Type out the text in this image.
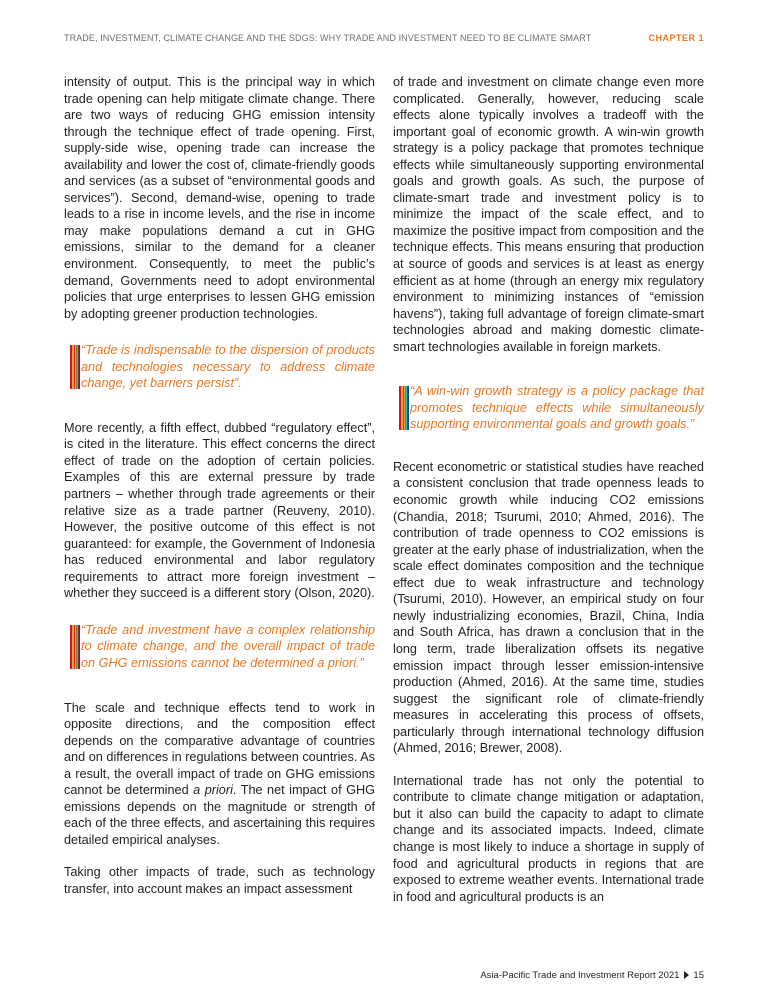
TRADE, INVESTMENT, CLIMATE CHANGE AND THE SDGS: WHY TRADE AND INVESTMENT NEED TO BE CLIMATE SMART	CHAPTER 1

intensity of output. This is the principal way in which trade opening can help mitigate climate change. There are two ways of reducing GHG emission intensity through the technique effect of trade opening. First, supply-side wise, opening trade can increase the availability and lower the cost of, climate-friendly goods and services (as a subset of “environmental goods and services”). Second, demand-wise, opening to trade leads to a rise in income levels, and the rise in income may make populations demand a cut in GHG emissions, similar to the demand for a cleaner environment. Consequently, to meet the public’s demand, Governments need to adopt environmental policies that urge enterprises to lessen GHG emission by adopting greener production technologies.

“Trade is indispensable to the dispersion of products and technologies necessary to address climate change, yet barriers persist”.

More recently, a fifth effect, dubbed “regulatory effect”, is cited in the literature. This effect concerns the direct effect of trade on the adoption of certain policies. Examples of this are external pressure by trade partners – whether through trade agreements or their relative size as a trade partner (Reuveny, 2010). However, the positive outcome of this effect is not guaranteed: for example, the Government of Indonesia has reduced environmental and labor regulatory requirements to attract more foreign investment – whether they succeed is a different story (Olson, 2020).

“Trade and investment have a complex relationship to climate change, and the overall impact of trade on GHG emissions cannot be determined a priori.”

The scale and technique effects tend to work in opposite directions, and the composition effect depends on the comparative advantage of countries and on differences in regulations between countries. As a result, the overall impact of trade on GHG emissions cannot be determined a priori. The net impact of GHG emissions depends on the magnitude or strength of each of the three effects, and ascertaining this requires detailed empirical analyses.

Taking other impacts of trade, such as technology transfer, into account makes an impact assessment

of trade and investment on climate change even more complicated. Generally, however, reducing scale effects alone typically involves a tradeoff with the important goal of economic growth. A win-win growth strategy is a policy package that promotes technique effects while simultaneously supporting environmental goals and growth goals. As such, the purpose of climate-smart trade and investment policy is to minimize the impact of the scale effect, and to maximize the positive impact from composition and the technique effects. This means ensuring that production at source of goods and services is at least as energy efficient as at home (through an energy mix regulatory environment to minimizing instances of “emission havens”), taking full advantage of foreign climate-smart technologies abroad and making domestic climate-smart technologies available in foreign markets.

“A win-win growth strategy is a policy package that promotes technique effects while simultaneously supporting environmental goals and growth goals.”

Recent econometric or statistical studies have reached a consistent conclusion that trade openness leads to economic growth while inducing CO2 emissions (Chandia, 2018; Tsurumi, 2010; Ahmed, 2016). The contribution of trade openness to CO2 emissions is greater at the early phase of industrialization, when the scale effect dominates composition and the technique effect due to weak infrastructure and technology (Tsurumi, 2010). However, an empirical study on four newly industrializing economies, Brazil, China, India and South Africa, has drawn a conclusion that in the long term, trade liberalization offsets its negative emission impact through lesser emission-intensive production (Ahmed, 2016). At the same time, studies suggest the significant role of climate-friendly measures in accelerating this process of offsets, particularly through international technology diffusion (Ahmed, 2016; Brewer, 2008).

International trade has not only the potential to contribute to climate change mitigation or adaptation, but it also can build the capacity to adapt to climate change and its associated impacts. Indeed, climate change is most likely to induce a shortage in supply of food and agricultural products in regions that are exposed to extreme weather events. International trade in food and agricultural products is an

Asia-Pacific Trade and Investment Report 2021 15
